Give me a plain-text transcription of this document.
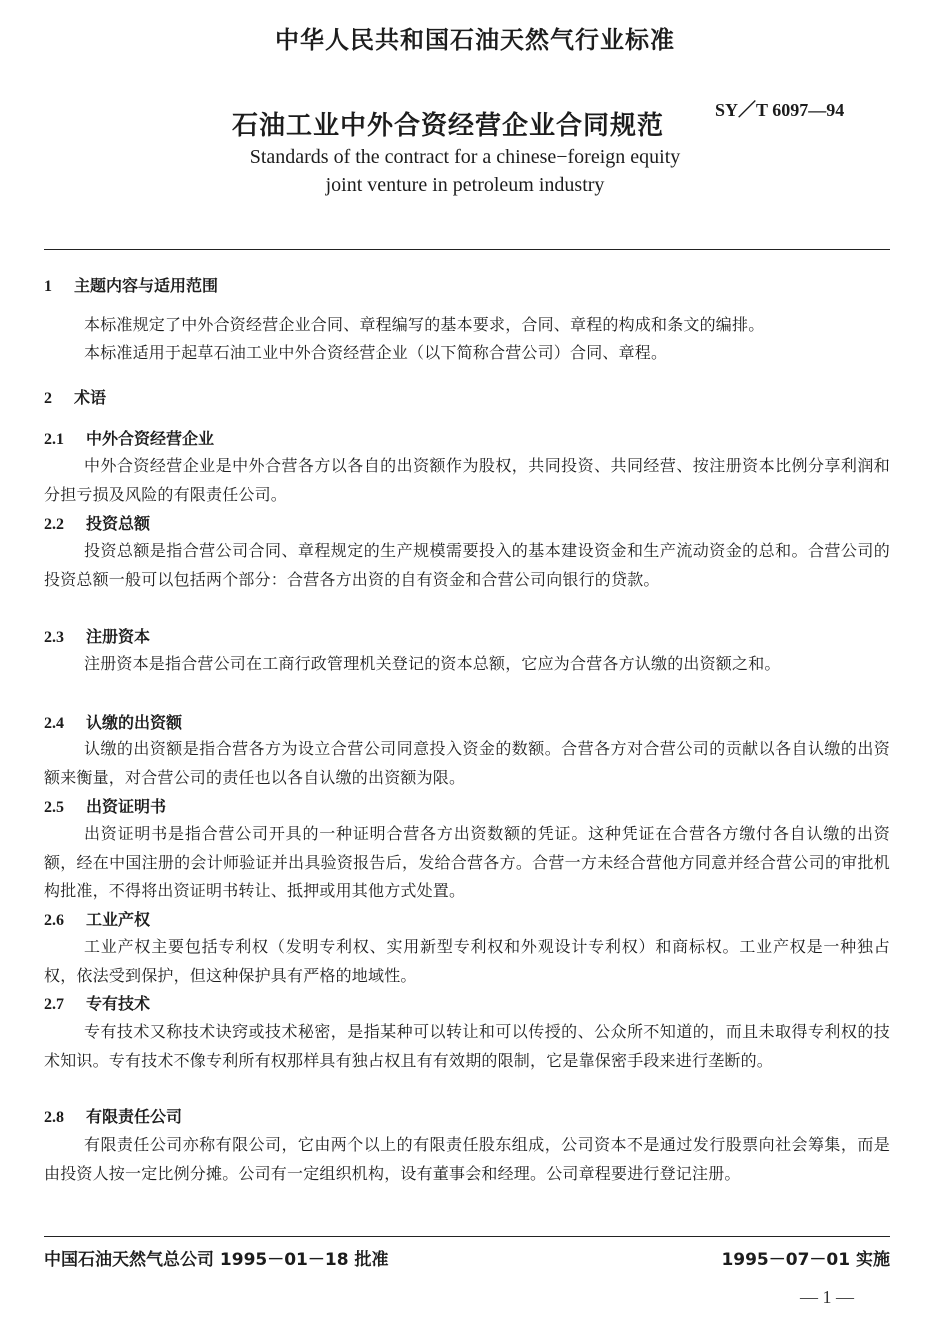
中华人民共和国石油天然气行业标准
石油工业中外合资经营企业合同规范
SY／T 6097—94
Standards of the contract for a chinese−foreign equity
joint venture in petroleum industry
1 主题内容与适用范围
本标准规定了中外合资经营企业合同、章程编写的基本要求，合同、章程的构成和条文的编排。
本标准适用于起草石油工业中外合资经营企业（以下简称合营公司）合同、章程。
2 术语
2.1 中外合资经营企业
中外合资经营企业是中外合营各方以各自的出资额作为股权，共同投资、共同经营、按注册资本比例分享利润和分担亏损及风险的有限责任公司。
2.2 投资总额
投资总额是指合营公司合同、章程规定的生产规模需要投入的基本建设资金和生产流动资金的总和。合营公司的投资总额一般可以包括两个部分：合营各方出资的自有资金和合营公司向银行的贷款。
2.3 注册资本
注册资本是指合营公司在工商行政管理机关登记的资本总额，它应为合营各方认缴的出资额之和。
2.4 认缴的出资额
认缴的出资额是指合营各方为设立合营公司同意投入资金的数额。合营各方对合营公司的贡献以各自认缴的出资额来衡量，对合营公司的责任也以各自认缴的出资额为限。
2.5 出资证明书
出资证明书是指合营公司开具的一种证明合营各方出资数额的凭证。这种凭证在合营各方缴付各自认缴的出资额，经在中国注册的会计师验证并出具验资报告后，发给合营各方。合营一方未经合营他方同意并经合营公司的审批机构批准，不得将出资证明书转让、抵押或用其他方式处置。
2.6 工业产权
工业产权主要包括专利权（发明专利权、实用新型专利权和外观设计专利权）和商标权。工业产权是一种独占权，依法受到保护，但这种保护具有严格的地域性。
2.7 专有技术
专有技术又称技术诀窍或技术秘密，是指某种可以转让和可以传授的、公众所不知道的，而且未取得专利权的技术知识。专有技术不像专利所有权那样具有独占权且有有效期的限制，它是靠保密手段来进行垄断的。
2.8 有限责任公司
有限责任公司亦称有限公司，它由两个以上的有限责任股东组成，公司资本不是通过发行股票向社会筹集，而是由投资人按一定比例分摊。公司有一定组织机构，设有董事会和经理。公司章程要进行登记注册。
中国石油天然气总公司 1995－01－18 批准	1995－07－01 实施
— 1 —
